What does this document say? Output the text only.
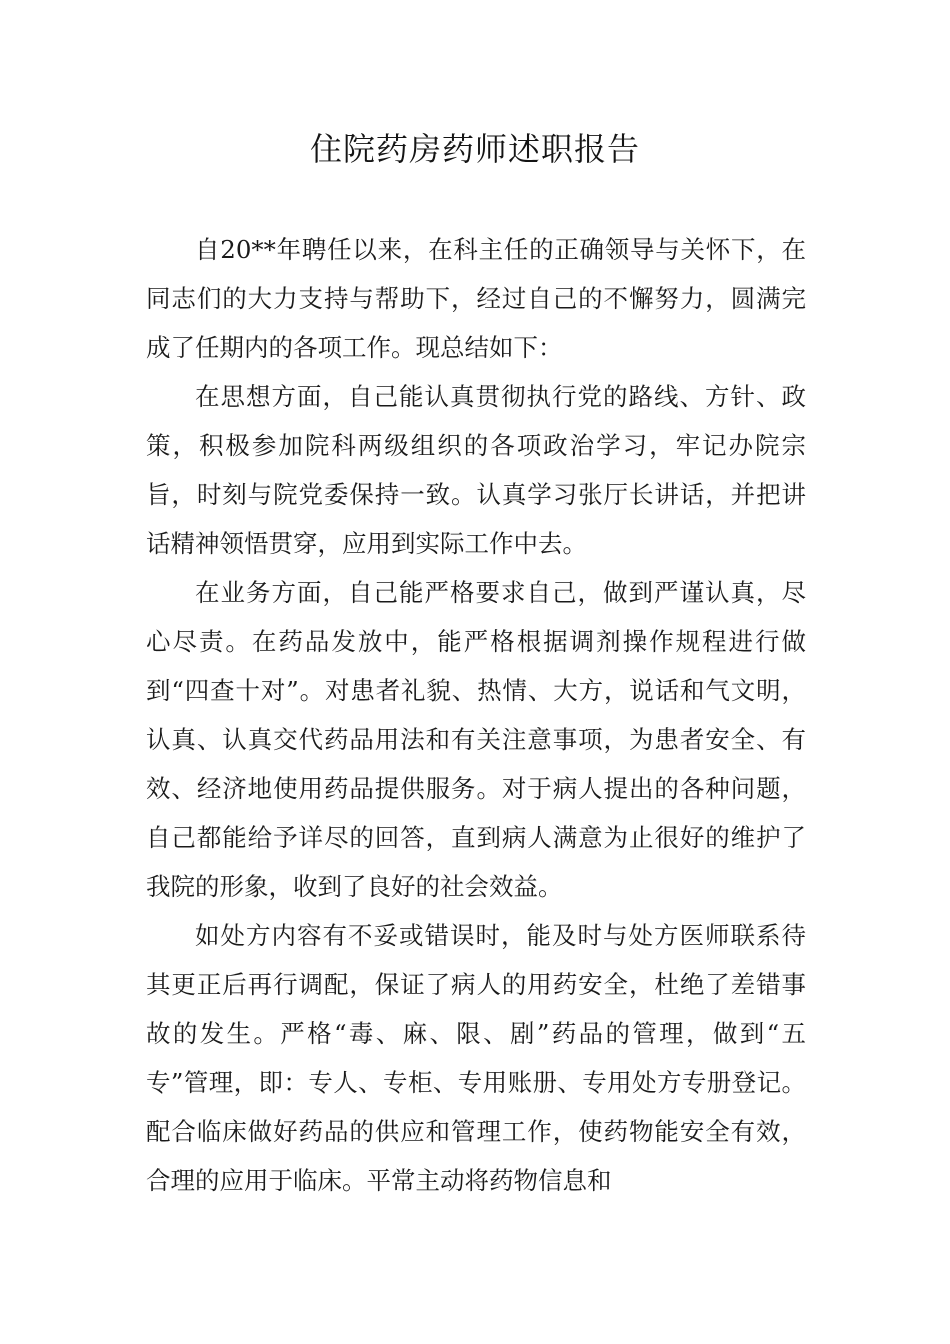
住院药房药师述职报告

自20**年聘任以来，在科主任的正确领导与关怀下，在同志们的大力支持与帮助下，经过自己的不懈努力，圆满完成了任期内的各项工作。现总结如下：

在思想方面，自己能认真贯彻执行党的路线、方针、政策，积极参加院科两级组织的各项政治学习，牢记办院宗旨，时刻与院党委保持一致。认真学习张厅长讲话，并把讲话精神领悟贯穿，应用到实际工作中去。

在业务方面，自己能严格要求自己，做到严谨认真，尽心尽责。在药品发放中，能严格根据调剂操作规程进行做到“四查十对”。对患者礼貌、热情、大方，说话和气文明，认真、认真交代药品用法和有关注意事项，为患者安全、有效、经济地使用药品提供服务。对于病人提出的各种问题，自己都能给予详尽的回答，直到病人满意为止很好的维护了我院的形象，收到了良好的社会效益。

如处方内容有不妥或错误时，能及时与处方医师联系待其更正后再行调配，保证了病人的用药安全，杜绝了差错事故的发生。严格“毒、麻、限、剧”药品的管理，做到“五专”管理，即：专人、专柜、专用账册、专用处方专册登记。配合临床做好药品的供应和管理工作，使药物能安全有效，合理的应用于临床。平常主动将药物信息和
